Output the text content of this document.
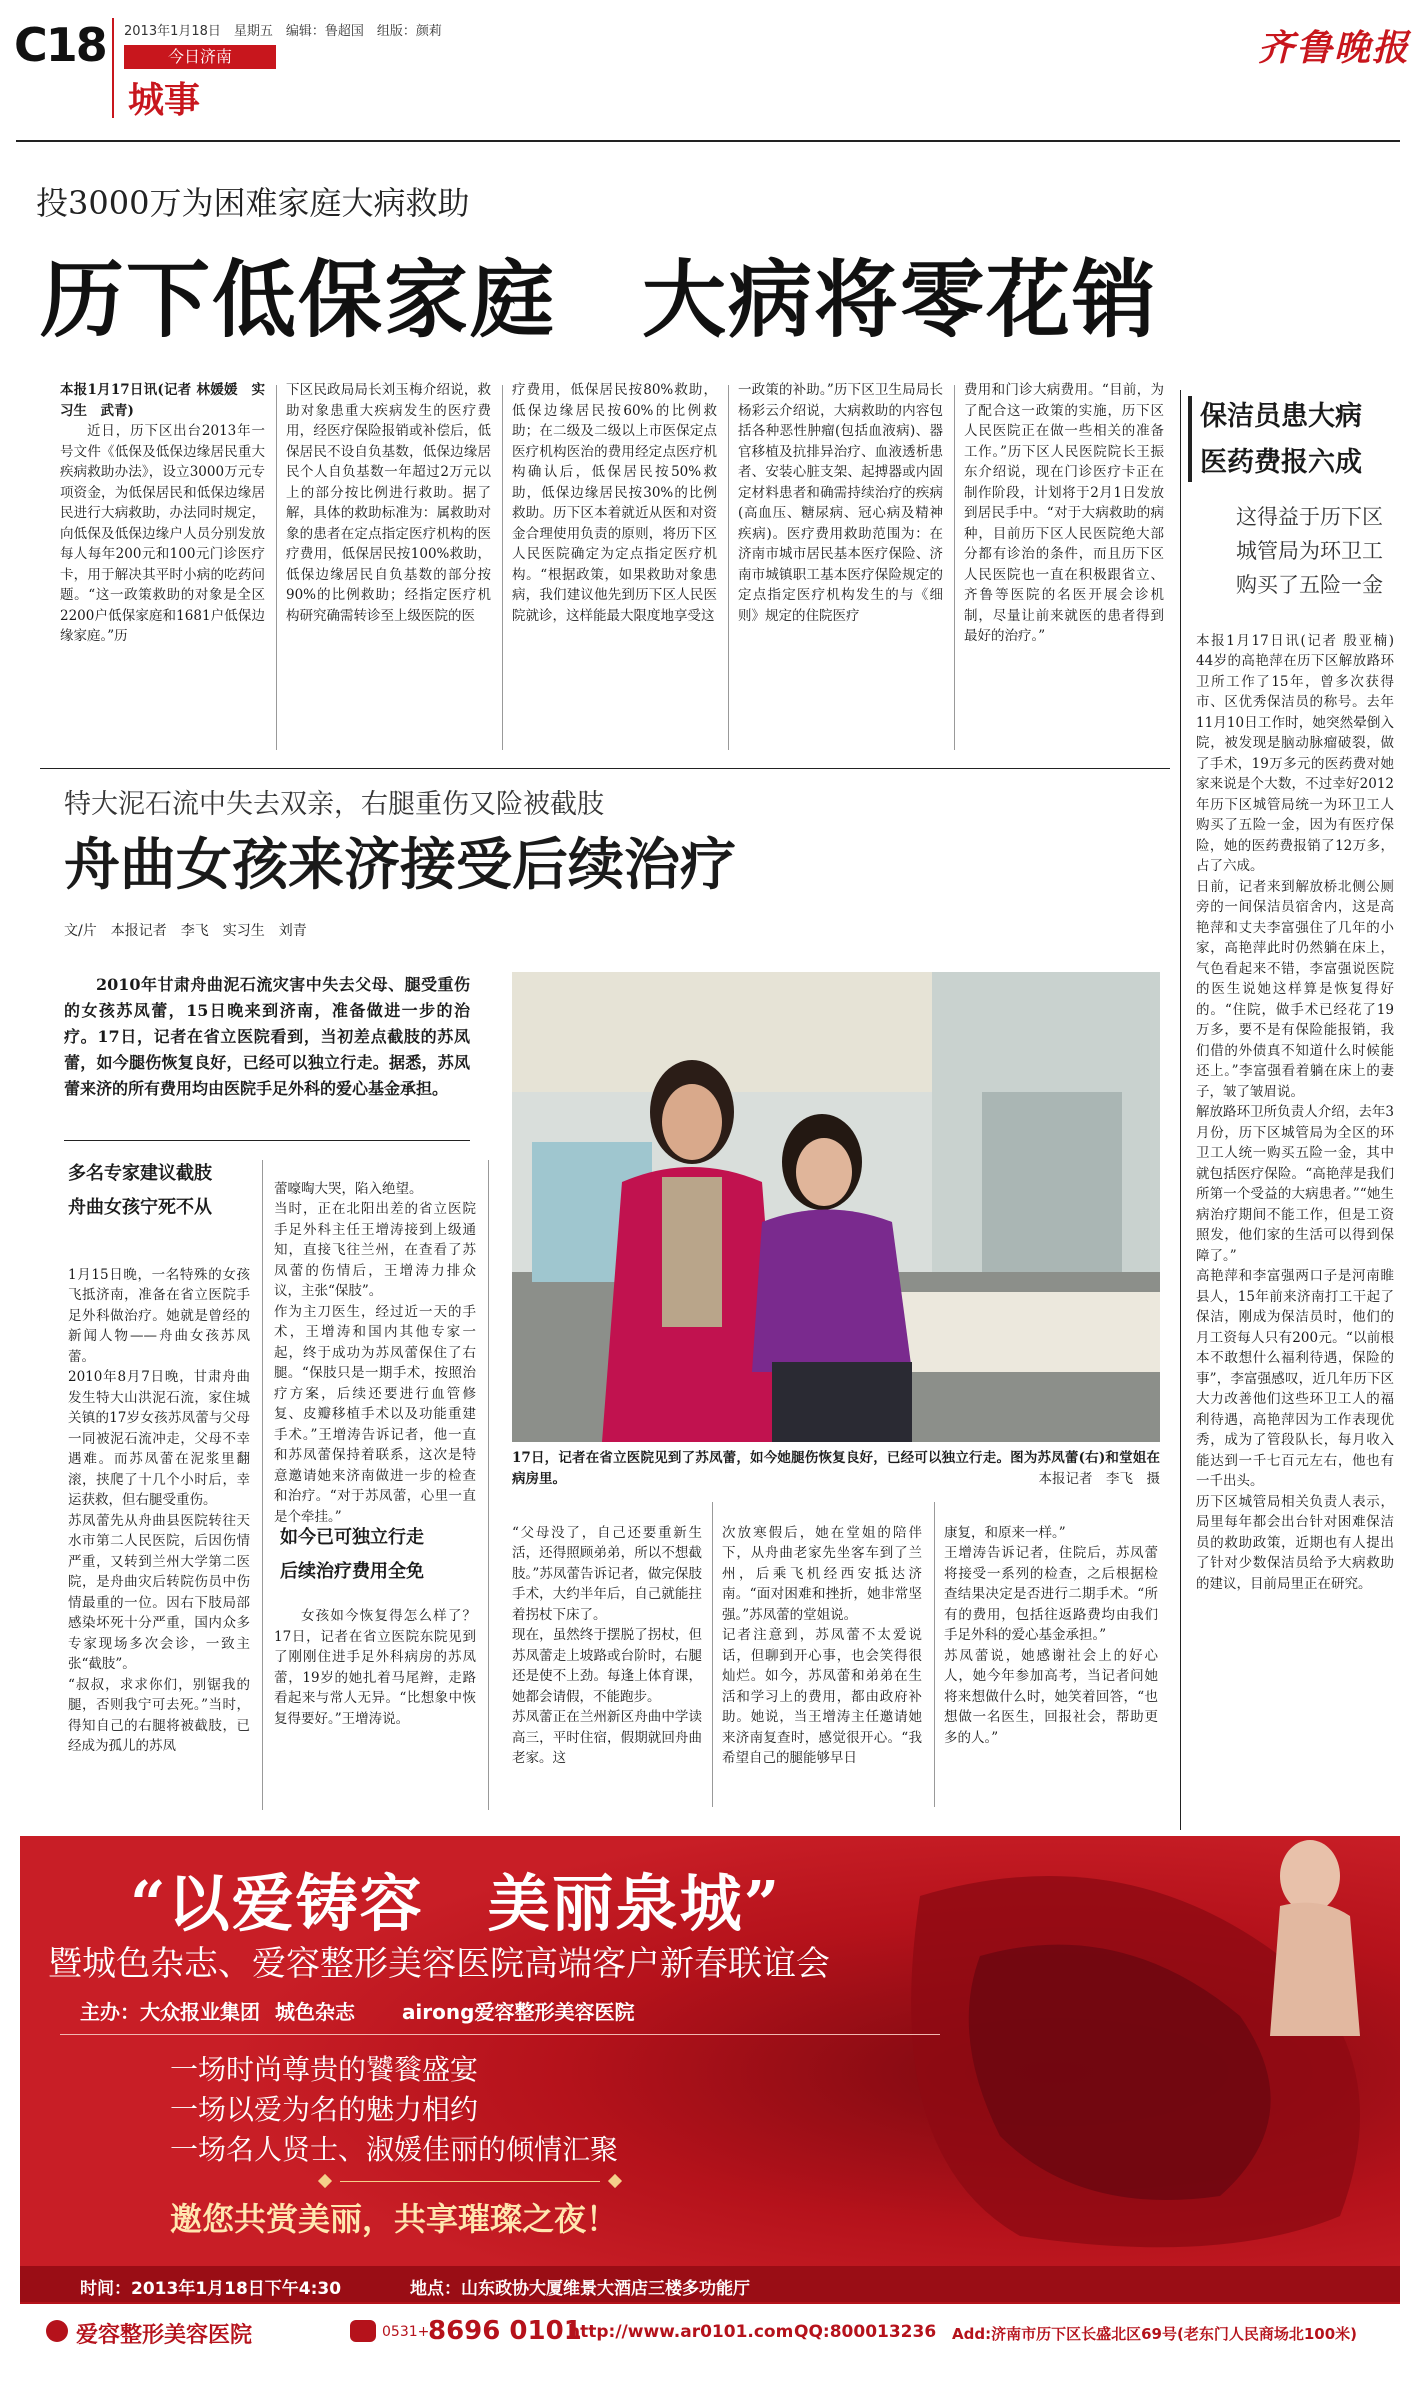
C18 2013年1月18日　星期五　编辑：鲁超国　组版：颜莉
今日济南
城事
齐鲁晚报
投3000万为困难家庭大病救助
历下低保家庭　大病将零花销

本报1月17日讯(记者 林媛媛　实习生　武青)

近日，历下区出台2013年一号文件《低保及低保边缘居民重大疾病救助办法》，设立3000万元专项资金，为低保居民和低保边缘居民进行大病救助，办法同时规定，向低保及低保边缘户人员分别发放每人每年200元和100元门诊医疗卡，用于解决其平时小病的吃药问题。“这一政策救助的对象是全区2200户低保家庭和1681户低保边缘家庭。”历

下区民政局局长刘玉梅介绍说，救助对象患重大疾病发生的医疗费用，经医疗保险报销或补偿后，低保居民不设自负基数，低保边缘居民个人自负基数一年超过2万元以上的部分按比例进行救助。据了解，具体的救助标准为：属救助对象的患者在定点指定医疗机构的医疗费用，低保居民按100%救助，低保边缘居民自负基数的部分按90%的比例救助；经指定医疗机构研究确需转诊至上级医院的医

疗费用，低保居民按80%救助，低保边缘居民按60%的比例救助；在二级及二级以上市医保定点医疗机构医治的费用经定点医疗机构确认后，低保居民按50%救助，低保边缘居民按30%的比例救助。历下区本着就近从医和对资金合理使用负责的原则，将历下区人民医院确定为定点指定医疗机构。“根据政策，如果救助对象患病，我们建议他先到历下区人民医院就诊，这样能最大限度地享受这

一政策的补助。”历下区卫生局局长杨彩云介绍说，大病救助的内容包括各种恶性肿瘤(包括血液病)、器官移植及抗排异治疗、血液透析患者、安装心脏支架、起搏器或内固定材料患者和确需持续治疗的疾病(高血压、糖尿病、冠心病及精神疾病)。医疗费用救助范围为：在济南市城市居民基本医疗保险、济南市城镇职工基本医疗保险规定的定点指定医疗机构发生的与《细则》规定的住院医疗

费用和门诊大病费用。“目前，为了配合这一政策的实施，历下区人民医院正在做一些相关的准备工作。”历下区人民医院院长王振东介绍说，现在门诊医疗卡正在制作阶段，计划将于2月1日发放到居民手中。“对于大病救助的病种，目前历下区人民医院绝大部分都有诊治的条件，而且历下区人民医院也一直在积极跟省立、齐鲁等医院的名医开展会诊机制，尽量让前来就医的患者得到最好的治疗。”

保洁员患大病
医药费报六成
这得益于历下区城管局为环卫工购买了五险一金

本报1月17日讯(记者 殷亚楠)　44岁的高艳萍在历下区解放路环卫所工作了15年，曾多次获得市、区优秀保洁员的称号。去年11月10日工作时，她突然晕倒入院，被发现是脑动脉瘤破裂，做了手术，19万多元的医药费对她家来说是个大数，不过幸好2012年历下区城管局统一为环卫工人购买了五险一金，因为有医疗保险，她的医药费报销了12万多，占了六成。
日前，记者来到解放桥北侧公厕旁的一间保洁员宿舍内，这是高艳萍和丈夫李富强住了几年的小家，高艳萍此时仍然躺在床上，气色看起来不错，李富强说医院的医生说她这样算是恢复得好的。“住院，做手术已经花了19万多，要不是有保险能报销，我们借的外债真不知道什么时候能还上。”李富强看着躺在床上的妻子，皱了皱眉说。
解放路环卫所负责人介绍，去年3月份，历下区城管局为全区的环卫工人统一购买五险一金，其中就包括医疗保险。“高艳萍是我们所第一个受益的大病患者。”“她生病治疗期间不能工作，但是工资照发，他们家的生活可以得到保障了。”
高艳萍和李富强两口子是河南睢县人，15年前来济南打工干起了保洁，刚成为保洁员时，他们的月工资每人只有200元。“以前根本不敢想什么福利待遇，保险的事”，李富强感叹，近几年历下区大力改善他们这些环卫工人的福利待遇，高艳萍因为工作表现优秀，成为了管段队长，每月收入能达到一千七百元左右，他也有一千出头。
历下区城管局相关负责人表示，局里每年都会出台针对困难保洁员的救助政策，近期也有人提出了针对少数保洁员给予大病救助的建议，目前局里正在研究。

特大泥石流中失去双亲，右腿重伤又险被截肢
舟曲女孩来济接受后续治疗
文/片　本报记者　李飞　实习生　刘青
2010年甘肃舟曲泥石流灾害中失去父母、腿受重伤的女孩苏凤蕾，15日晚来到济南，准备做进一步的治疗。17日，记者在省立医院看到，当初差点截肢的苏凤蕾，如今腿伤恢复良好，已经可以独立行走。据悉，苏凤蕾来济的所有费用均由医院手足外科的爱心基金承担。
17日，记者在省立医院见到了苏凤蕾，如今她腿伤恢复良好，已经可以独立行走。图为苏凤蕾(右)和堂姐在病房里。	本报记者　李飞　摄
多名专家建议截肢
舟曲女孩宁死不从

1月15日晚，一名特殊的女孩飞抵济南，准备在省立医院手足外科做治疗。她就是曾经的新闻人物——舟曲女孩苏凤蕾。
2010年8月7日晚，甘肃舟曲发生特大山洪泥石流，家住城关镇的17岁女孩苏凤蕾与父母一同被泥石流冲走，父母不幸遇难。而苏凤蕾在泥浆里翻滚，挟爬了十几个小时后，幸运获救，但右腿受重伤。
苏凤蕾先从舟曲县医院转往天水市第二人民医院，后因伤情严重，又转到兰州大学第二医院，是舟曲灾后转院伤员中伤情最重的一位。因右下肢局部感染坏死十分严重，国内众多专家现场多次会诊，一致主张“截肢”。
“叔叔，求求你们，别锯我的腿，否则我宁可去死。”当时，得知自己的右腿将被截肢，已经成为孤儿的苏凤

蕾嚎啕大哭，陷入绝望。
当时，正在北阳出差的省立医院手足外科主任王增涛接到上级通知，直接飞往兰州，在查看了苏凤蕾的伤情后，王增涛力排众议，主张“保肢”。
作为主刀医生，经过近一天的手术，王增涛和国内其他专家一起，终于成功为苏凤蕾保住了右腿。“保肢只是一期手术，按照治疗方案，后续还要进行血管修复、皮瓣移植手术以及功能重建手术。”王增涛告诉记者，他一直和苏凤蕾保持着联系，这次是特意邀请她来济南做进一步的检查和治疗。“对于苏凤蕾，心里一直是个牵挂。”

如今已可独立行走
后续治疗费用全免
女孩如今恢复得怎么样了？17日，记者在省立医院东院见到了刚刚住进手足外科病房的苏凤蕾，19岁的她扎着马尾辫，走路看起来与常人无异。“比想象中恢复得要好。”王增涛说。

“父母没了，自己还要重新生活，还得照顾弟弟，所以不想截肢。”苏凤蕾告诉记者，做完保肢手术，大约半年后，自己就能拄着拐杖下床了。
现在，虽然终于摆脱了拐杖，但苏凤蕾走上坡路或台阶时，右腿还是使不上劲。每逢上体育课，她都会请假，不能跑步。
苏凤蕾正在兰州新区舟曲中学读高三，平时住宿，假期就回舟曲老家。这

次放寒假后，她在堂姐的陪伴下，从舟曲老家先坐客车到了兰州，后乘飞机经西安抵达济南。“面对困难和挫折，她非常坚强。”苏凤蕾的堂姐说。
记者注意到，苏凤蕾不太爱说话，但聊到开心事，也会笑得很灿烂。如今，苏凤蕾和弟弟在生活和学习上的费用，都由政府补助。她说，当王增涛主任邀请她来济南复查时，感觉很开心。“我希望自己的腿能够早日

康复，和原来一样。”
王增涛告诉记者，住院后，苏凤蕾将接受一系列的检查，之后根据检查结果决定是否进行二期手术。“所有的费用，包括往返路费均由我们手足外科的爱心基金承担。”
苏凤蕾说，她感谢社会上的好心人，她今年参加高考，当记者问她将来想做什么时，她笑着回答，“也想做一名医生，回报社会，帮助更多的人。”

“以爱铸容　美丽泉城”
暨城色杂志、爱容整形美容医院高端客户新春联谊会
主办：大众报业集团 城色杂志 airong爱容整形美容医院
一场时尚尊贵的饕餮盛宴
一场以爱为名的魅力相约
一场名人贤士、淑媛佳丽的倾情汇聚
邀您共赏美丽，共享璀璨之夜！
时间：2013年1月18日下午4:30	地点：山东政协大厦维景大酒店三楼多功能厅
爱容整形美容医院	0531+
8696 0101
http://www.ar0101.com QQ:800013236 Add:济南市历下区长盛北区69号(老东门人民商场北100米)
